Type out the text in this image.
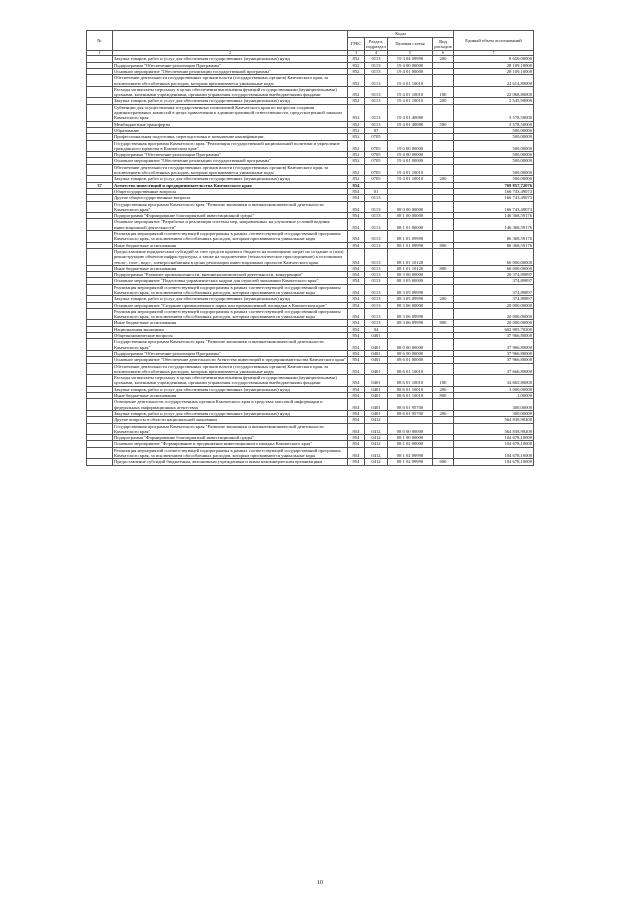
№		Коды				Единый объем ассигнований
		ГРБС	Раздел, подраздел	Целевая статья	Вид расходов	
1	2	3	4	5	6	7
	Закупка товаров, работ и услуг для обеспечения государственных (муниципальных) нужд	852	0113	19 3 04 09990	200	8 650,00000
	Подпрограмма "Обеспечение реализации Программы"	852	0113	19 4 00 00000		28 109,10000
	Основное мероприятие "Обеспечение реализации государственной программы"	852	0113	19 4 01 00000		28 109,10000
	Обеспечение деятельности государственных органов власти (государственных органов) Камчатского края, за исключением обособленных расходов, которым присваиваются уникальные коды	852	0113	19 4 01 10010		24 614,80000
	Расходы на выплаты персоналу в целях обеспечения выполнения функций государственными (муниципальными) органами, казенными учреждениями, органами управления государственными внебюджетными фондами	852	0113	19 4 01 10010	100	22 068,80000
	Закупка товаров, работ и услуг для обеспечения государственных (муниципальных) нужд	852	0113	19 4 01 10010	200	2 545,90000
	Субвенции для осуществления государственных полномочий Камчатского края по вопросам создания административных комиссий в целях привлечения к административной ответственности, предусмотренной законом Камчатского края	852	0113	19 4 01 40080		3 578,50000
	Межбюджетные трансферты	852	0113	19 4 01 40080	500	3 578,50000
	Образование	852	07			500,00000
	Профессиональная подготовка, переподготовка и повышение квалификации	852	0705			500,00000
	Государственная программа Камчатского края "Реализация государственной национальной политики и укрепление гражданского единства в Камчатском крае"	852	0705	19 0 00 00000		500,00000
	Подпрограмма "Обеспечение реализации Программы"	852	0705	19 4 00 00000		500,00000
	Основное мероприятие "Обеспечение реализации государственной программы"	852	0705	19 4 01 00000		500,00000
	Обеспечение деятельности государственных органов власти (государственных органов) Камчатского края, за исключением обособленных расходов, которым присваиваются уникальные коды	852	0705	19 4 01 10010		500,00000
	Закупка товаров, работ и услуг для обеспечения государственных (муниципальных) нужд	852	0705	19 4 01 10010	200	500,00000
37	Агентство инвестиций и предпринимательства Камчатского края	854				769 857,72076
	Общегосударственные вопросы	854	01			166 743,49073
	Другие общегосударственные вопросы	854	0113			166 743,49073
	Государственная программа Камчатского края "Развитие экономики и внешнеэкономической деятельности Камчатского края"	854	0113	08 0 00 00000		166 743,49073
	Подпрограмма "Формирование благоприятной инвестиционной среды"	854	0113	08 1 00 00000		146 368,59176
	Основное мероприятие "Разработка и реализация системы мер, направленных на улучшение условий ведения инвестиционной деятельности"	854	0113	08 1 01 00000		146 368,59176
	Реализация мероприятий соответствующей подпрограммы в рамках соответствующей государственной программы Камчатского края, за исключением обособленных расходов, которым присваиваются уникальные коды	854	0113	08 1 01 09990		86 368,59176
	Иные бюджетные ассигнования	854	0113	08 1 01 09990	800	86 368,59176
	Предоставление юридическим субсидий за счет средств краевого бюджета на возмещение затрат на создание и (или) реконструкцию объектов инфраструктуры, а также на подключение (технологическое присоединение) к источникам тепло-, газо-, водо-, электроснабжения в целях реализации инвестиционных проектов Камчатского края	854	0113	08 1 01 10120		60 000,00000
	Иные бюджетные ассигнования	854	0113	08 1 01 10120	800	60 000,00000
	Подпрограмма "Развитие промышленности, внешнеэкономической деятельности, конкуренции"	854	0113	08 3 00 00000		20 374,89897
	Основное мероприятие "Подготовка управленческих кадров для отраслей экономики Камчатского края"	854	0113	08 3 05 00000		374,89897
	Реализация мероприятий соответствующей подпрограммы в рамках соответствующей государственной программы Камчатского края, за исключением обособленных расходов, которым присваиваются уникальные коды	854	0113	08 3 05 09990		374,89897
	Закупка товаров, работ и услуг для обеспечения государственных (муниципальных) нужд	854	0113	08 3 05 09990	200	374,89897
	Основное мероприятие "Создание промышленного парка или промышленной площадки в Камчатском крае"	854	0113	08 3 06 00000		20 000,00000
	Реализация мероприятий соответствующей подпрограммы в рамках соответствующей государственной программы Камчатского края, за исключением обособленных расходов, которым присваиваются уникальные коды	854	0113	08 3 06 09990		20 000,00000
	Иные бюджетные ассигнования	854	0113	08 3 06 09990	800	20 000,00000
	Национальная экономика	854	04			602 805,70200
	Общеэкономические вопросы	854	0401			37 966,80000
	Государственная программа Камчатского края "Развитие экономики и внешнеэкономической деятельности Камчатского края"	854	0401	08 0 00 00000		37 966,80000
	Подпрограмма "Обеспечение реализации Программы"	854	0401	08 6 00 00000		37 966,80000
	Основное мероприятие "Обеспечение деятельности Агентства инвестиций и предпринимательства Камчатского края"	854	0401	08 6 01 00000		37 966,80000
	Обеспечение деятельности государственных органов власти (государственных органов) Камчатского края, за исключением обособленных расходов, которым присваиваются уникальные коды	854	0401	08 6 01 10010		37 666,80000
	Расходы на выплаты персоналу в целях обеспечения выполнения функций государственными (муниципальными) органами, казенными учреждениями, органами управления государственными внебюджетными фондами	854	0401	08 6 01 10010	100	34 665,80000
	Закупка товаров, работ и услуг для обеспечения государственных (муниципальных) нужд	854	0401	08 6 01 10010	200	3 000,00000
	Иные бюджетные ассигнования	854	0401	08 6 01 10010	800	1,00000
	Освещение деятельности государственных органов Камчатского края в средствах массовой информации и федеральных информационных агентствах	854	0401	08 6 01 95700		300,00000
	Закупка товаров, работ и услуг для обеспечения государственных (муниципальных) нужд	854	0401	08 6 01 95700	200	300,00000
	Другие вопросы в области национальной экономики	854	0412			564 838,90200
	Государственная программа Камчатского края "Развитие экономики и внешнеэкономической деятельности Камчатского края"	854	0412	08 0 00 00000		564 838,90200
	Подпрограмма "Формирование благоприятной инвестиционной среды"	854	0412	08 1 00 00000		104 678,10000
	Основное мероприятие "Формирование и продвижение инвестиционного имиджа Камчатского края"	854	0412	08 1 02 00000		104 678,10000
	Реализация мероприятий соответствующей подпрограммы в рамках соответствующей государственной программы Камчатского края, за исключением обособленных расходов, которым присваиваются уникальные коды	854	0412	08 1 02 09990		104 678,10000
	Предоставление субсидий бюджетным, автономным учреждениям и иным некоммерческим организациям	854	0412	08 1 02 09990	600	104 678,10000
10
